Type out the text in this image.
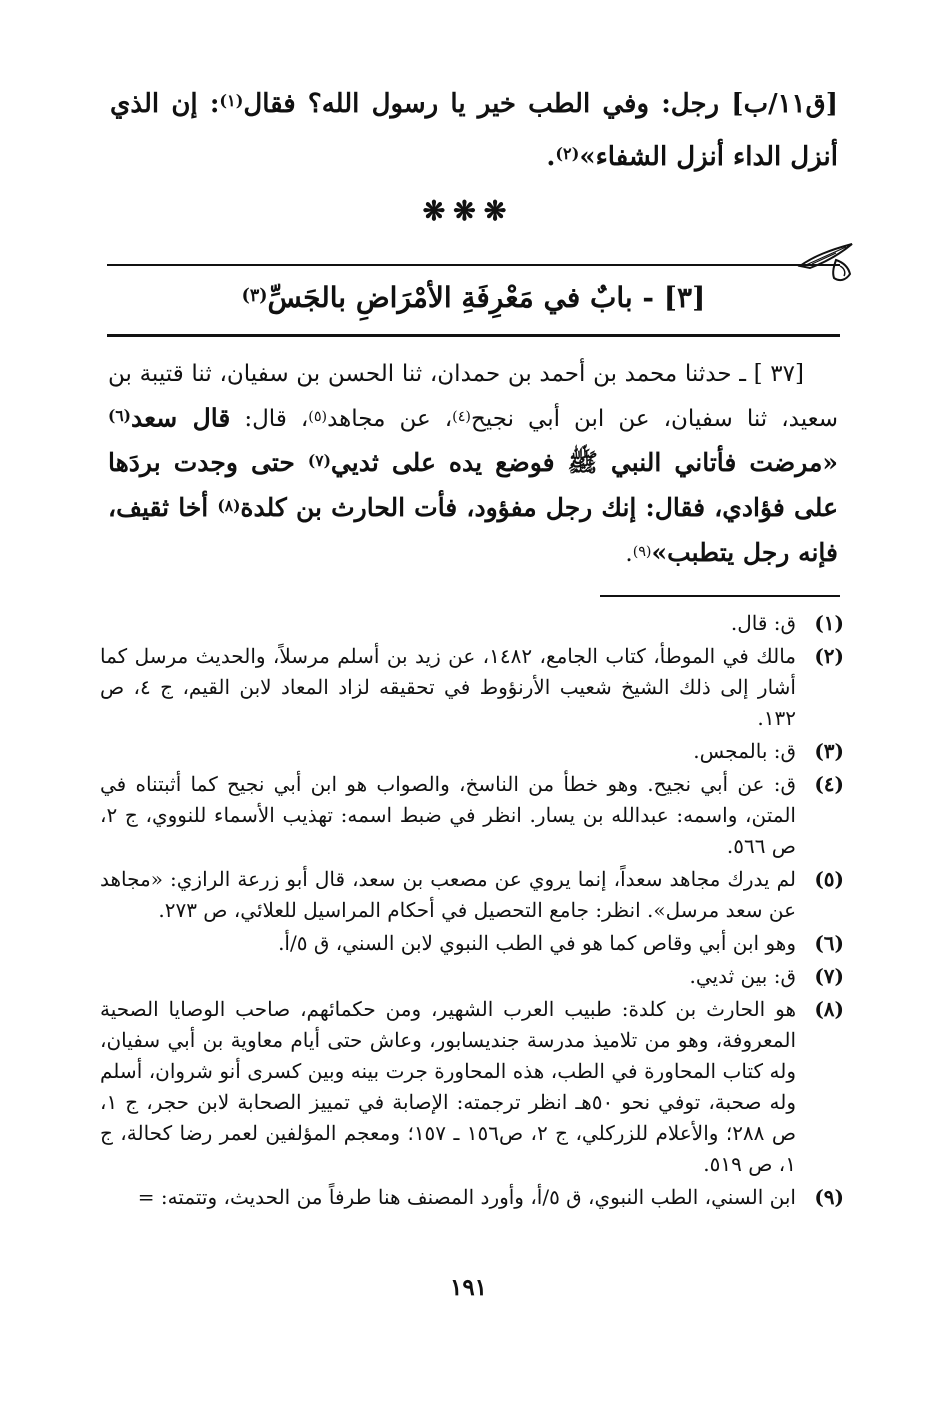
[ق١١/ب] رجل: وفي الطب خير يا رسول الله؟ فقال$^{(١)}$: إن الذي أنزل الداء أنزل الشفاء»$^{(٢)}$.

❋❋❋
[٣] - بابٌ في مَعْرِفَةِ الأمْرَاضِ بالجَسِّ$^{(٣)}$

[٣٧ ] ـ حدثنا محمد بن أحمد بن حمدان، ثنا الحسن بن سفيان، ثنا قتيبة بن سعيد، ثنا سفيان، عن ابن أبي نجيح$^{(٤)}$، عن مجاهد$^{(٥)}$، قال: قال سعد$^{(٦)}$ «مرضت فأتاني النبي ﷺ فوضع يده على ثديي$^{(٧)}$ حتى وجدت بردَها على فؤادي، فقال: إنك رجل مفؤود، فأت الحارث بن كلدة$^{(٨)}$ أخا ثقيف، فإنه رجل يتطبب»$^{(٩)}$.

(١)
ق: قال.
(٢)
مالك في الموطأ، كتاب الجامع، ١٤٨٢، عن زيد بن أسلم مرسلاً، والحديث مرسل كما أشار إلى ذلك الشيخ شعيب الأرنؤوط في تحقيقه لزاد المعاد لابن القيم، ج ٤، ص ١٣٢.
(٣)
ق: بالمجس.
(٤)
ق: عن أبي نجيح. وهو خطأ من الناسخ، والصواب هو ابن أبي نجيح كما أثبتناه في المتن، واسمه: عبدالله بن يسار. انظر في ضبط اسمه: تهذيب الأسماء للنووي، ج ٢، ص ٥٦٦.
(٥)
لم يدرك مجاهد سعداً، إنما يروي عن مصعب بن سعد، قال أبو زرعة الرازي: «مجاهد عن سعد مرسل». انظر: جامع التحصيل في أحكام المراسيل للعلائي، ص ٢٧٣.
(٦)
وهو ابن أبي وقاص كما هو في الطب النبوي لابن السني، ق ٥/أ.
(٧)
ق: بين ثديي.
(٨)
هو الحارث بن كلدة: طبيب العرب الشهير، ومن حكمائهم، صاحب الوصايا الصحية المعروفة، وهو من تلاميذ مدرسة جنديسابور، وعاش حتى أيام معاوية بن أبي سفيان، وله كتاب المحاورة في الطب، هذه المحاورة جرت بينه وبين كسرى أنو شروان، أسلم وله صحبة، توفي نحو ٥٠هـ انظر ترجمته: الإصابة في تمييز الصحابة لابن حجر، ج ١، ص ٢٨٨؛ والأعلام للزركلي، ج ٢، ص١٥٦ ـ ١٥٧؛ ومعجم المؤلفين لعمر رضا كحالة، ج ١، ص ٥١٩.
(٩)
ابن السني، الطب النبوي، ق ٥/أ، وأورد المصنف هنا طرفاً من الحديث، وتتمته: =
١٩١
